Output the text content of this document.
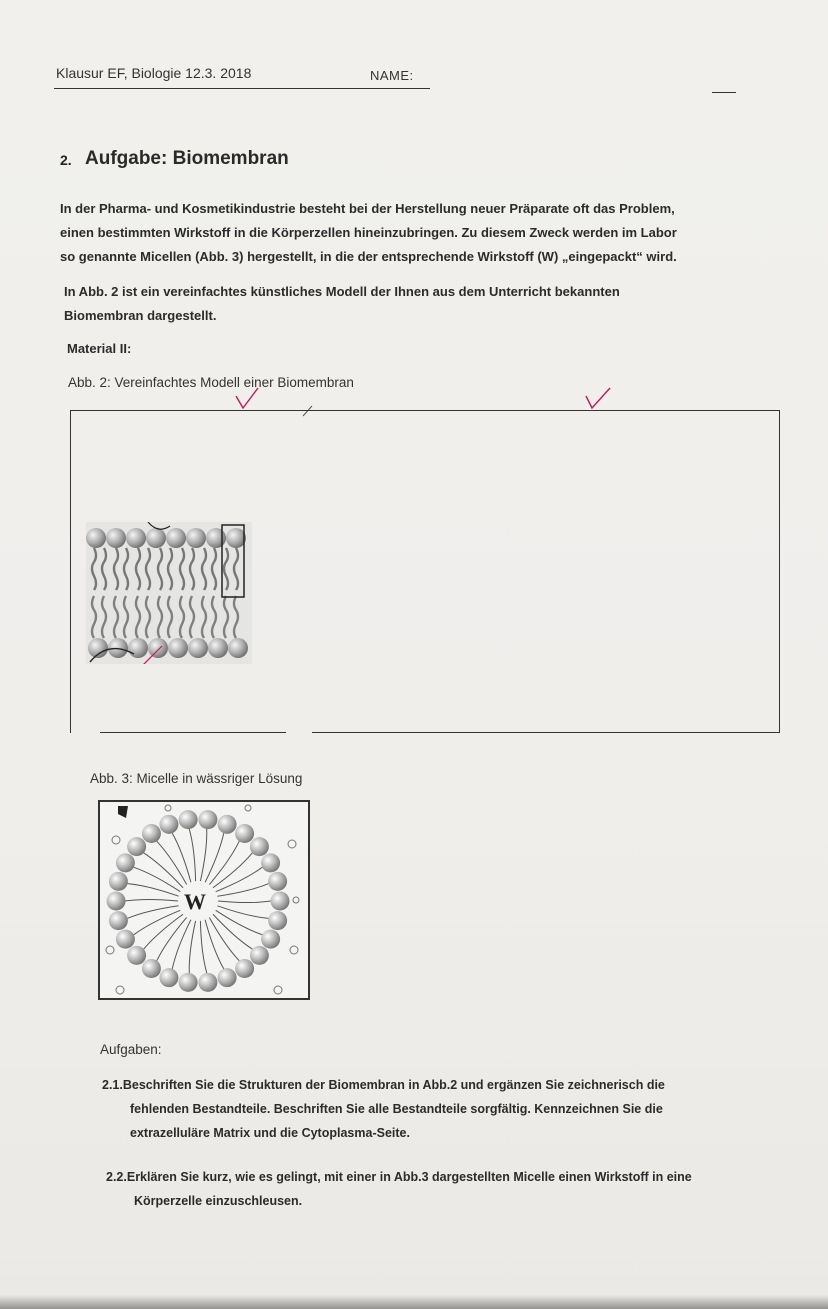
Klausur EF, Biologie 12.3. 2018	NAME:
2. Aufgabe: Biomembran
In der Pharma- und Kosmetikindustrie besteht bei der Herstellung neuer Präparate oft das Problem,
einen bestimmten Wirkstoff in die Körperzellen hineinzubringen. Zu diesem Zweck werden im Labor
so genannte Micellen (Abb. 3) hergestellt, in die der entsprechende Wirkstoff (W) „eingepackt“ wird.
In Abb. 2 ist ein vereinfachtes künstliches Modell der Ihnen aus dem Unterricht bekannten
Biomembran dargestellt.
Material II:
Abb. 2: Vereinfachtes Modell einer Biomembran
Abb. 3: Micelle in wässriger Lösung
W
Aufgaben:
2.1.Beschriften Sie die Strukturen der Biomembran in Abb.2 und ergänzen Sie zeichnerisch die
fehlenden Bestandteile. Beschriften Sie alle Bestandteile sorgfältig. Kennzeichnen Sie die
extrazelluläre Matrix und die Cytoplasma-Seite.
2.2.Erklären Sie kurz, wie es gelingt, mit einer in Abb.3 dargestellten Micelle einen Wirkstoff in eine
Körperzelle einzuschleusen.
